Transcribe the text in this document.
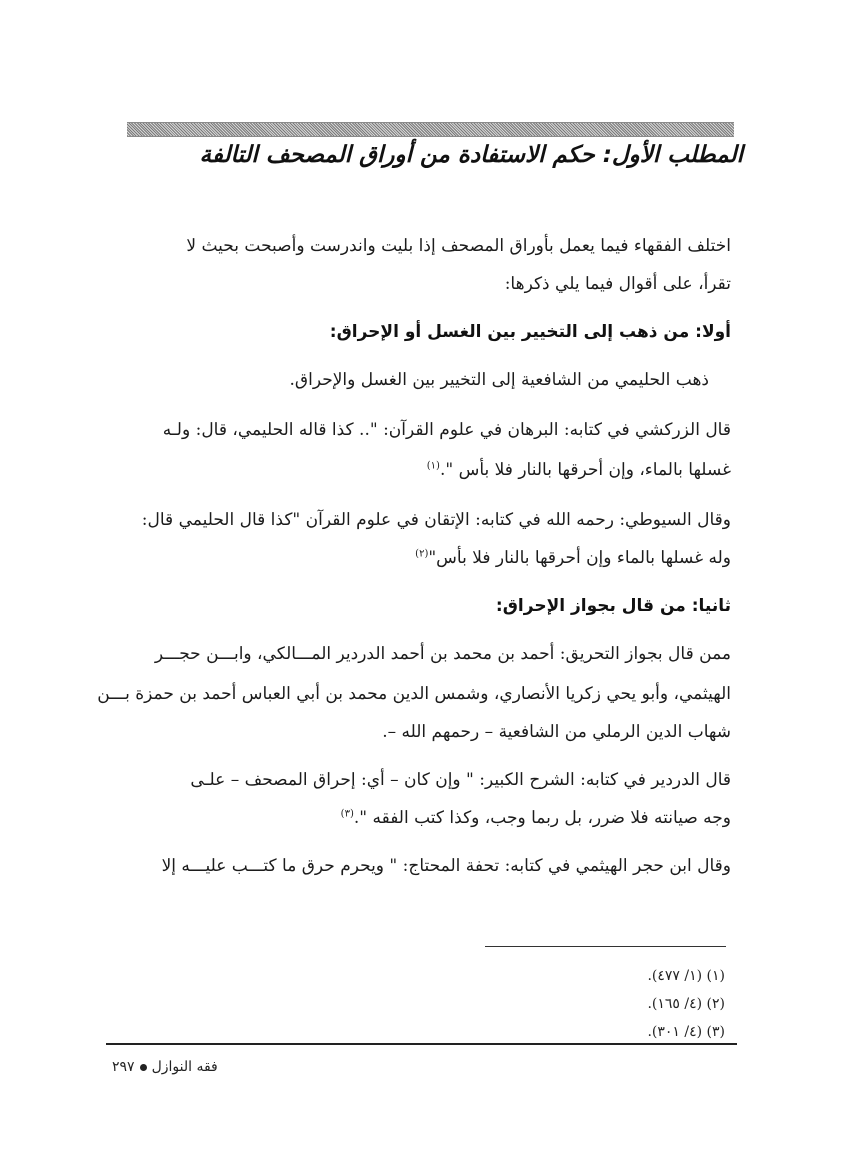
المطلب الأول: حكم الاستفادة من أوراق المصحف التالفة
اختلف الفقهاء فيما يعمل بأوراق المصحف إذا بليت واندرست وأصبحت بحيث لا
تقرأ، على أقوال فيما يلي ذكرها:
أولا: من ذهب إلى التخيير بين الغسل أو الإحراق:
ذهب الحليمي من الشافعية إلى التخيير بين الغسل والإحراق.
قال الزركشي في كتابه: البرهان في علوم القرآن: ".. كذا قاله الحليمي، قال: ولـه
غسلها بالماء، وإن أحرقها بالنار فلا بأس ".$^{(١)}$
وقال السيوطي: رحمه الله في كتابه: الإتقان في علوم القرآن "كذا قال الحليمي قال:
وله غسلها بالماء وإن أحرقها بالنار فلا بأس"$^{(٢)}$
ثانيا: من قال بجواز الإحراق:
ممن قال بجواز التحريق: أحمد بن محمد بن أحمد الدردير المـــالكي، وابـــن حجـــر
الهيثمي، وأبو يحي زكريا الأنصاري، وشمس الدين محمد بن أبي العباس أحمد بن حمزة بـــن
شهاب الدين الرملي من الشافعية – رحمهم الله –.
قال الدردير في كتابه: الشرح الكبير: " وإن كان – أي: إحراق المصحف – علـى
وجه صيانته فلا ضرر، بل ربما وجب، وكذا كتب الفقه ".$^{(٣)}$
وقال ابن حجر الهيثمي في كتابه: تحفة المحتاج: " ويحرم حرق ما كتـــب عليـــه إلا
(١) (١/ ٤٧٧).
(٢) (٤/ ١٦٥).
(٣) (٤/ ٣٠١).
فقه النوازل٢٩٧
